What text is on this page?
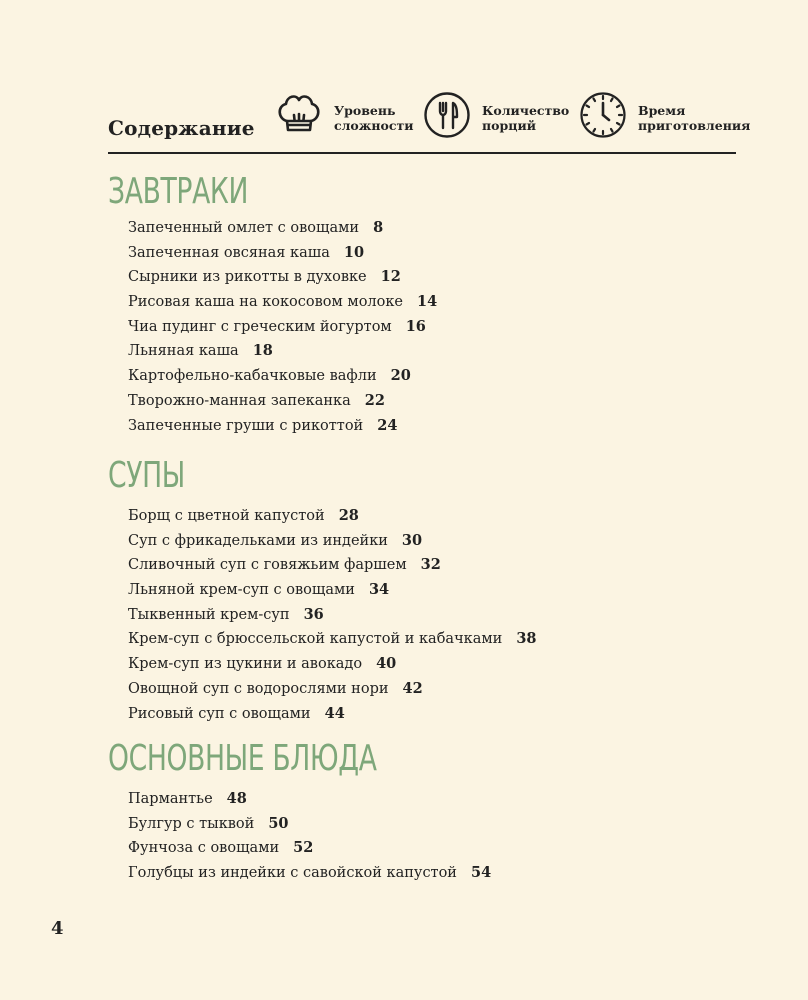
Содержание
Уровень
сложности
Количество
порций
Время
приготовления
ЗАВТРАКИ
Запеченный омлет с овощами 8
Запеченная овсяная каша 10
Сырники из рикотты в духовке 12
Рисовая каша на кокосовом молоке 14
Чиа пудинг с греческим йогуртом 16
Льняная каша 18
Картофельно-кабачковые вафли 20
Творожно-манная запеканка 22
Запеченные груши с рикоттой 24
СУПЫ
Борщ с цветной капустой 28
Суп с фрикадельками из индейки 30
Сливочный суп с говяжьим фаршем 32
Льняной крем-суп с овощами 34
Тыквенный крем-суп 36
Крем-суп с брюссельской капустой и кабачками 38
Крем-суп из цукини и авокадо 40
Овощной суп с водорослями нори 42
Рисовый суп с овощами 44
ОСНОВНЫЕ БЛЮДА
Пармантье 48
Булгур с тыквой 50
Фунчоза с овощами 52
Голубцы из индейки с савойской капустой 54
4
